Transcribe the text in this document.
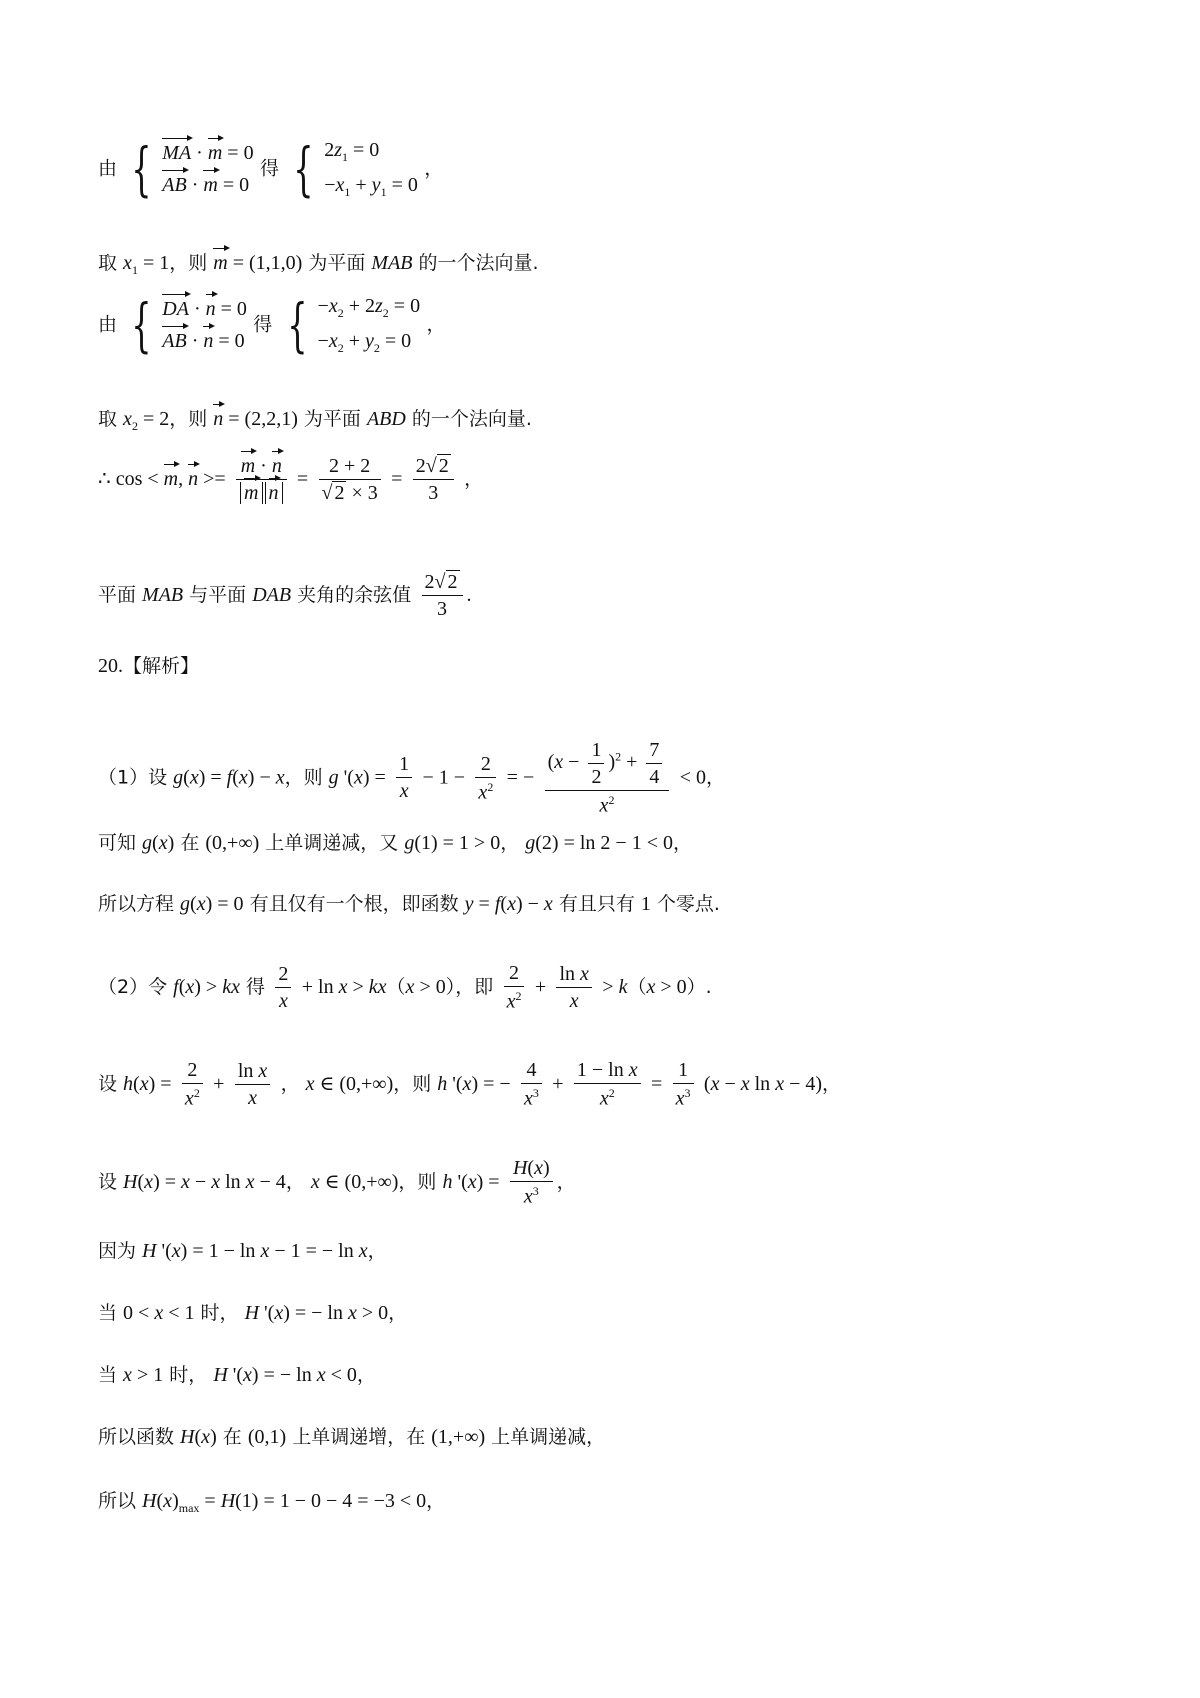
由 { MA · m = 0
AB · m = 0
得 { $2z_1 = 0$
$-x_1 + y_1 = 0$
，
取 $x_1 = 1$，则 m = (1,1,0) 为平面 MAB 的一个法向量.
由 { DA · n = 0
AB · n = 0
得 { $-x_2 + 2z_2 = 0$
$-x_2 + y_2 = 0$
，
取 $x_2 = 2$，则 n = (2,2,1) 为平面 ABD 的一个法向量.
∴ cos < m, $n >= \frac{m \cdot n}{\text{m n}} = \frac{2 + 2}{√ 2 \times 3} = \frac{2√ 2}{3}$ ，
平面 MAB 与平面 DAB 夹角的余弦值 $\frac{2√ 2}{3}$ .
20.【解析】
（1）设 g(x) = f(x) − x，则 g '$(x) = \frac{1}{x} - 1 - \frac{2}{x^2}$ = − $\frac{(x - \frac{1}{2} )^2 + \frac{7}{4}}{x^2} < 0$，
可知 g(x) 在 (0,+∞) 上单调递减，又 g(1) = 1 > 0， g(2) = ln 2 − 1 < 0，
所以方程 g(x) = 0 有且仅有一个根，即函数 y = f(x) − x 有且只有 1 个零点.
（2）令 f(x) > kx 得 $\frac{2}{x} + \ln x > kx(x > 0)$，即 $\frac{2}{x^2} + \frac{\text{ln x}}{x} > k(x > 0)$.
设 $h(x) = \frac{2}{x^2} + \frac{\text{ln x}}{x}$ ， x ∈ (0,+∞)，则 h '(x) = − $\frac{4}{x^3} + \frac{\text{1 − ln x}}{x^2} = \frac{1}{x^3} (x - x$ ln x − 4)，
设 H(x) = x − x ln x − 4， x ∈ (0,+∞)，则 h '$(x) = \frac{H(x)}{x^3}$ ，
因为 H '(x) = 1 − ln x − 1 = − ln x，
当 0 < x < 1 时， H '(x) = − ln x > 0，
当 x > 1 时， H '(x) = − ln x < 0，
所以函数 H(x) 在 (0,1) 上单调递增，在 (1,+∞) 上单调递减，
所以 $H(x)_{max} = H(1) = 1 - 0 - 4 = -3 < 0$，
